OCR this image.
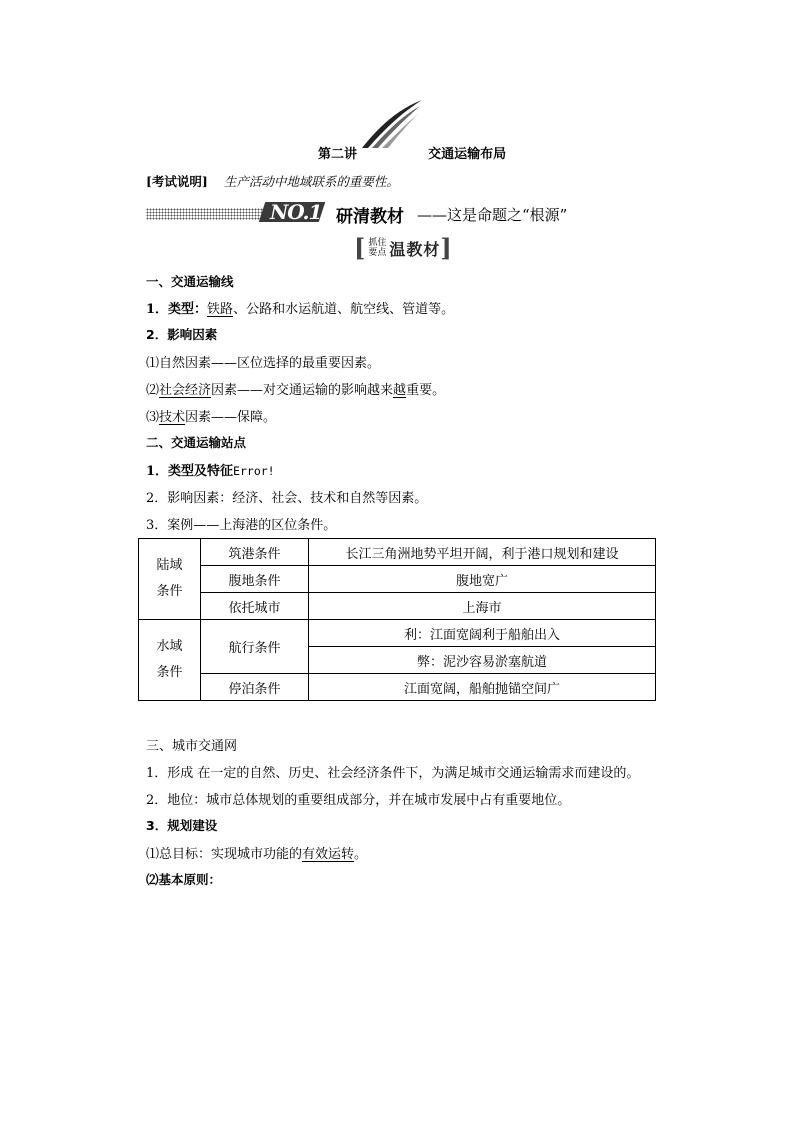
第二讲	交通运输布局
[考试说明] 生产活动中地域联系的重要性。
NO.1 研清教材 ——这是命题之“根源”
[ 抓住
要点 温教材 ]
一、交通运输线
1．类型：铁路、公路和水运航道、航空线、管道等。
2．影响因素
⑴自然因素——区位选择的最重要因素。
⑵社会经济因素——对交通运输的影响越来越重要。
⑶技术因素——保障。
二、交通运输站点
1．类型及特征Error!
2．影响因素：经济、社会、技术和自然等因素。
3．案例——上海港的区位条件。
陆域
条件	筑港条件	长江三角洲地势平坦开阔，利于港口规划和建设
	腹地条件	腹地宽广
	依托城市	上海市

水域
条件	航行条件	利：江面宽阔利于船舶出入
		弊：泥沙容易淤塞航道
	停泊条件	江面宽阔，船舶抛锚空间广
三、城市交通网
1．形成 在一定的自然、历史、社会经济条件下，为满足城市交通运输需求而建设的。
2．地位：城市总体规划的重要组成部分，并在城市发展中占有重要地位。
3．规划建设
⑴总目标：实现城市功能的有效运转。
⑵基本原则：
